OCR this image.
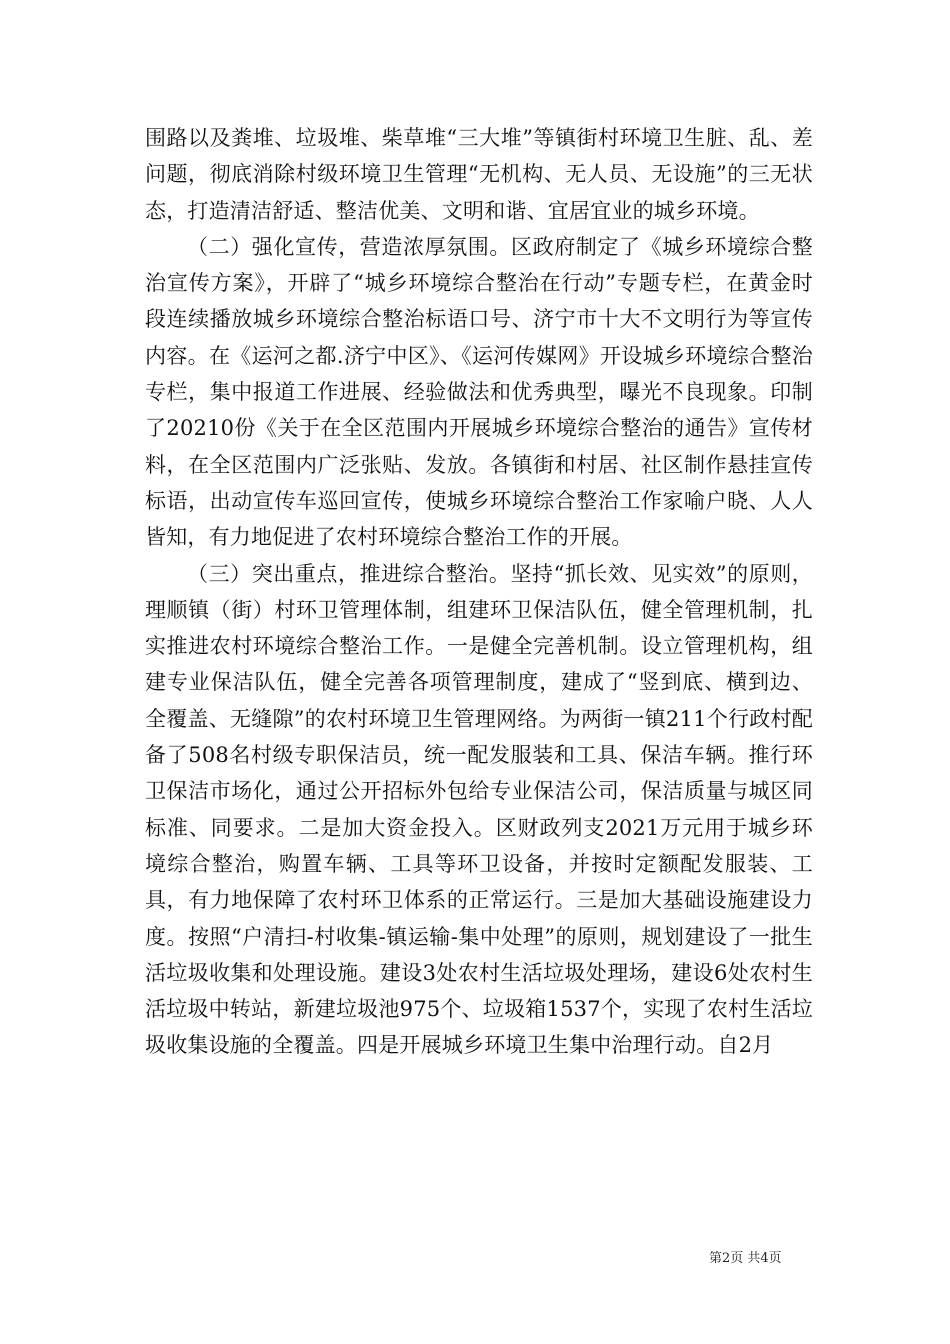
围路以及粪堆、垃圾堆、柴草堆“三大堆”等镇街村环境卫生脏、乱、差问题，彻底消除村级环境卫生管理“无机构、无人员、无设施”的三无状态，打造清洁舒适、整洁优美、文明和谐、宜居宜业的城乡环境。

（二）强化宣传，营造浓厚氛围。区政府制定了《城乡环境综合整治宣传方案》，开辟了“城乡环境综合整治在行动”专题专栏，在黄金时段连续播放城乡环境综合整治标语口号、济宁市十大不文明行为等宣传内容。在《运河之都.济宁中区》、《运河传媒网》开设城乡环境综合整治专栏，集中报道工作进展、经验做法和优秀典型，曝光不良现象。印制了20210份《关于在全区范围内开展城乡环境综合整治的通告》宣传材料，在全区范围内广泛张贴、发放。各镇街和村居、社区制作悬挂宣传标语，出动宣传车巡回宣传，使城乡环境综合整治工作家喻户晓、人人皆知，有力地促进了农村环境综合整治工作的开展。

（三）突出重点，推进综合整治。坚持“抓长效、见实效”的原则，理顺镇（街）村环卫管理体制，组建环卫保洁队伍，健全管理机制，扎实推进农村环境综合整治工作。一是健全完善机制。设立管理机构，组建专业保洁队伍，健全完善各项管理制度，建成了“竖到底、横到边、全覆盖、无缝隙”的农村环境卫生管理网络。为两街一镇211个行政村配备了508名村级专职保洁员，统一配发服装和工具、保洁车辆。推行环卫保洁市场化，通过公开招标外包给专业保洁公司，保洁质量与城区同标准、同要求。二是加大资金投入。区财政列支2021万元用于城乡环境综合整治，购置车辆、工具等环卫设备，并按时定额配发服装、工具，有力地保障了农村环卫体系的正常运行。三是加大基础设施建设力度。按照“户清扫-村收集-镇运输-集中处理”的原则，规划建设了一批生活垃圾收集和处理设施。建设3处农村生活垃圾处理场，建设6处农村生活垃圾中转站，新建垃圾池975个、垃圾箱1537个，实现了农村生活垃圾收集设施的全覆盖。四是开展城乡环境卫生集中治理行动。自2月

第2页 共4页
